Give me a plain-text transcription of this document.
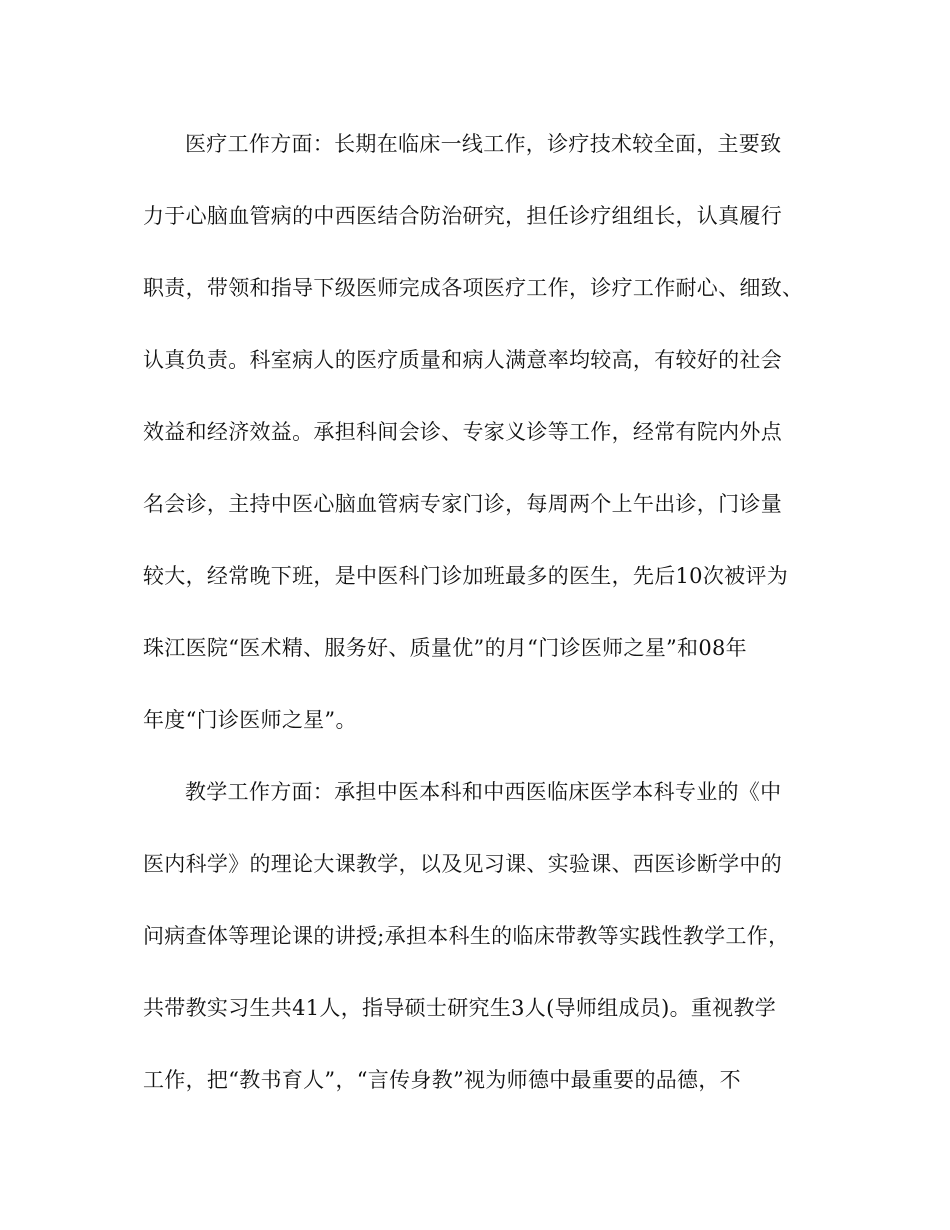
医疗工作方面：长期在临床一线工作，诊疗技术较全面，主要致
力于心脑血管病的中西医结合防治研究，担任诊疗组组长，认真履行
职责，带领和指导下级医师完成各项医疗工作，诊疗工作耐心、细致、
认真负责。科室病人的医疗质量和病人满意率均较高，有较好的社会
效益和经济效益。承担科间会诊、专家义诊等工作，经常有院内外点
名会诊，主持中医心脑血管病专家门诊，每周两个上午出诊，门诊量
较大，经常晚下班，是中医科门诊加班最多的医生，先后10次被评为
珠江医院“医术精、服务好、质量优”的月“门诊医师之星”和08年
年度“门诊医师之星”。
教学工作方面：承担中医本科和中西医临床医学本科专业的《中
医内科学》的理论大课教学，以及见习课、实验课、西医诊断学中的
问病查体等理论课的讲授;承担本科生的临床带教等实践性教学工作，
共带教实习生共41人，指导硕士研究生3人(导师组成员)。重视教学
工作，把“教书育人”，“言传身教”视为师德中最重要的品德，不
